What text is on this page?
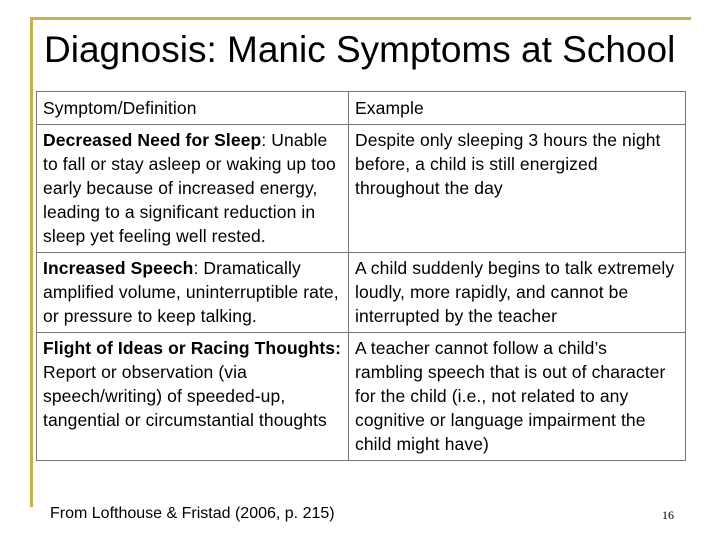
Diagnosis: Manic Symptoms at School
Symptom/Definition	Example
Decreased Need for Sleep: Unable to fall or stay asleep or waking up too early because of increased energy, leading to a significant reduction in sleep yet feeling well rested.	Despite only sleeping 3 hours the night before, a child is still energized throughout the day
Increased Speech: Dramatically amplified volume, uninterruptible rate, or pressure to keep talking.	A child suddenly begins to talk extremely loudly, more rapidly, and cannot be interrupted by the teacher
Flight of Ideas or Racing Thoughts: Report or observation (via speech/writing) of speeded-up, tangential or circumstantial thoughts	A teacher cannot follow a child’s rambling speech that is out of character for the child (i.e., not related to any cognitive or language impairment the child might have)
From Lofthouse & Fristad (2006, p. 215)	16
